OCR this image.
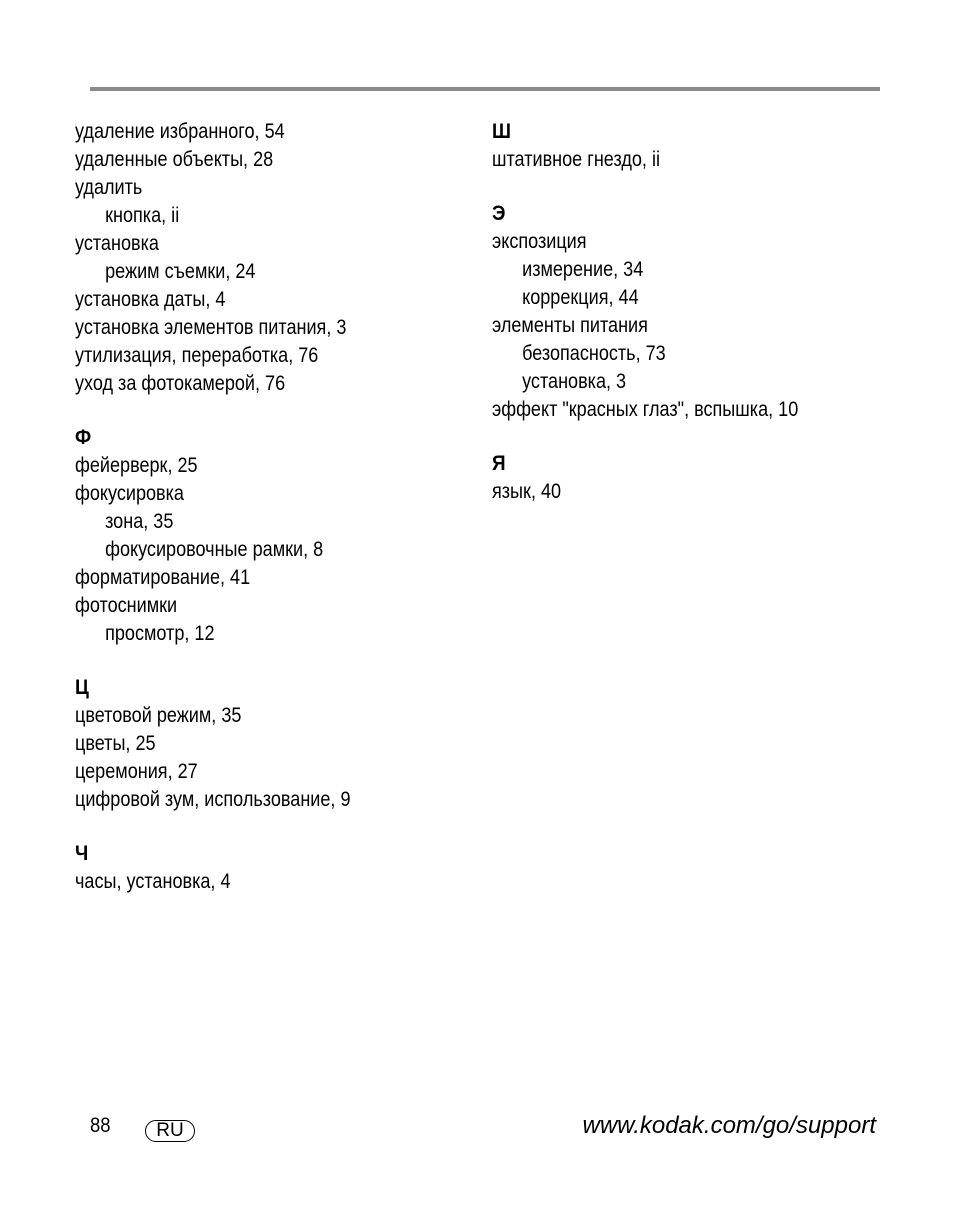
удаление избранного, 54
удаленные объекты, 28
удалить
кнопка, ii
установка
режим съемки, 24
установка даты, 4
установка элементов питания, 3
утилизация, переработка, 76
уход за фотокамерой, 76
Ф
фейерверк, 25
фокусировка
зона, 35
фокусировочные рамки, 8
форматирование, 41
фотоснимки
просмотр, 12
Ц
цветовой режим, 35
цветы, 25
церемония, 27
цифровой зум, использование, 9
Ч
часы, установка, 4
Ш
штативное гнездо, ii
Э
экспозиция
измерение, 34
коррекция, 44
элементы питания
безопасность, 73
установка, 3
эффект "красных глаз", вспышка, 10
Я
язык, 40
88	RU	www.kodak.com/go/support
